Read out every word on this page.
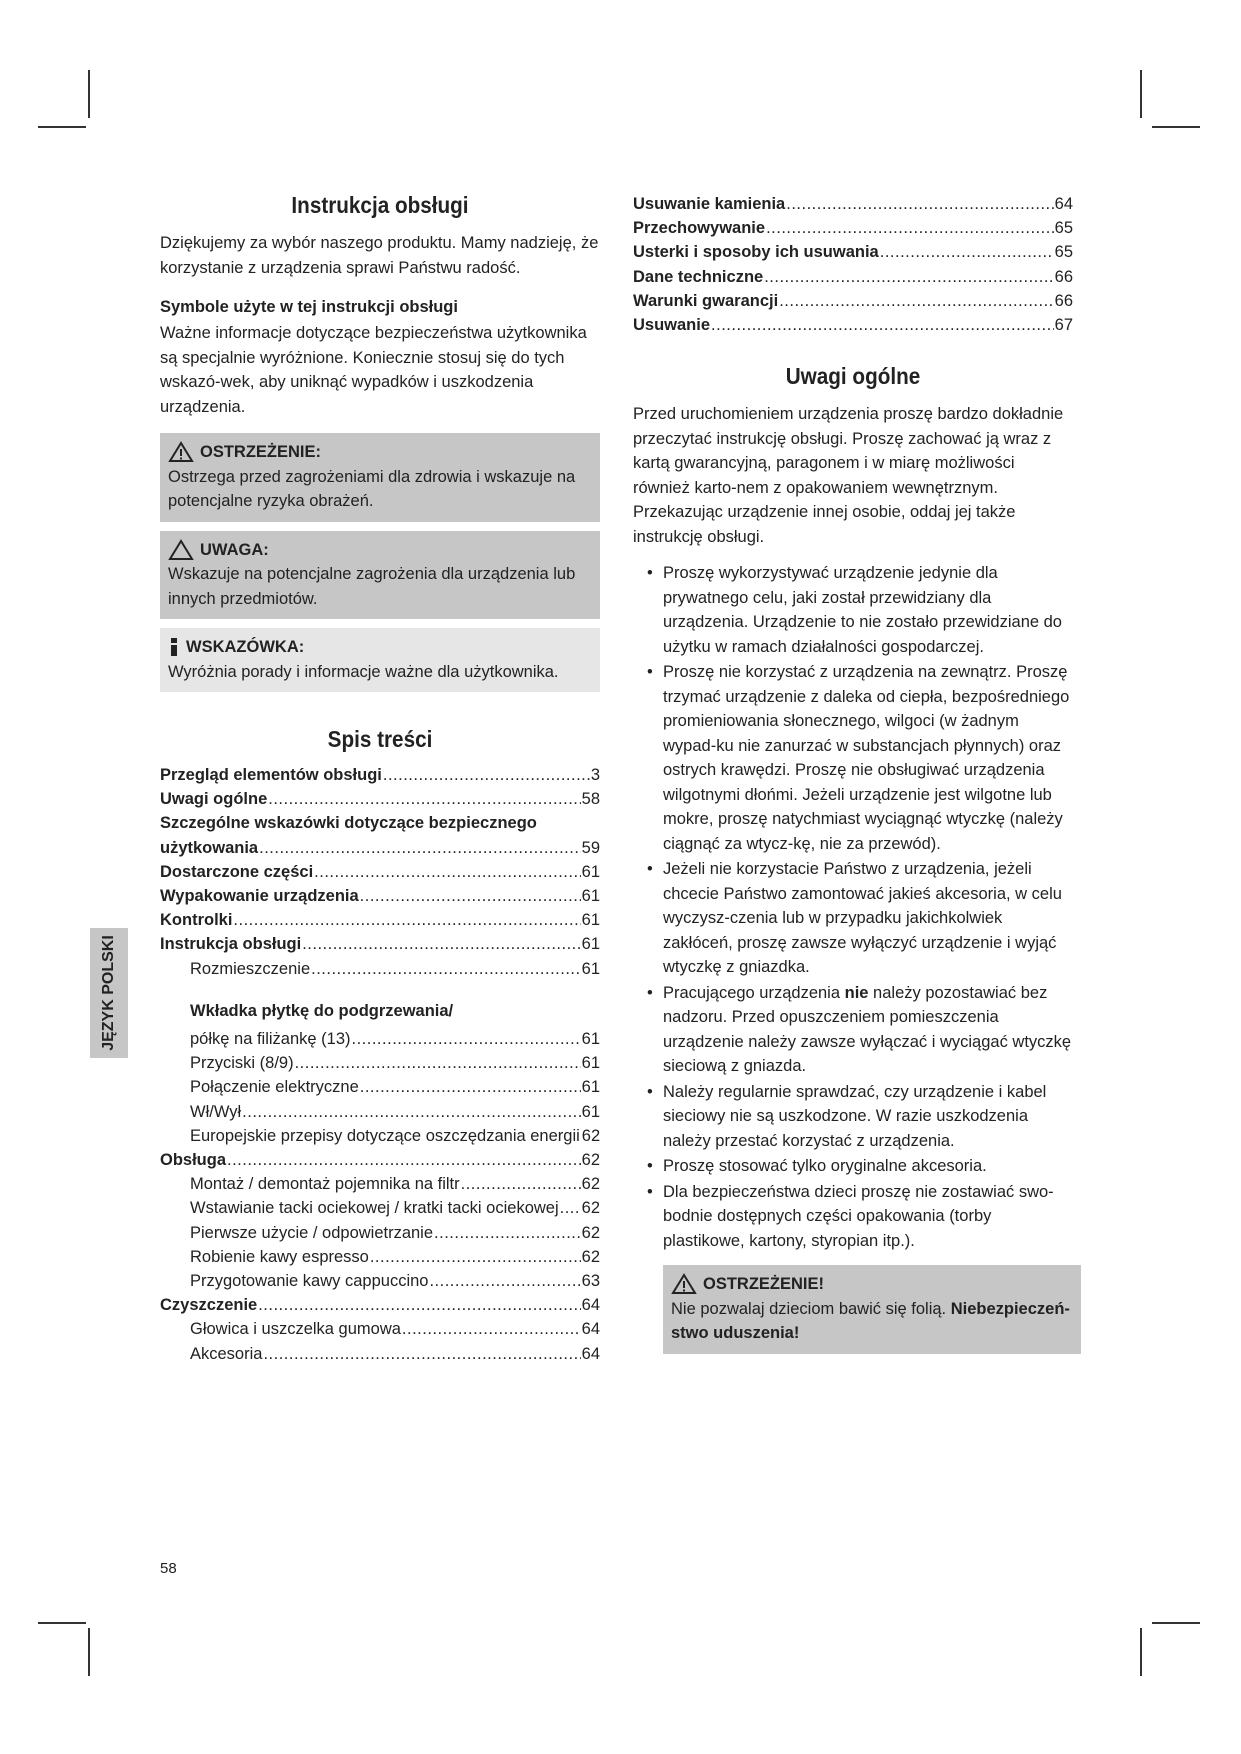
Instrukcja obsługi

Dziękujemy za wybór naszego produktu. Mamy nadzieję, że korzystanie z urządzenia sprawi Państwu radość.

Symbole użyte w tej instrukcji obsługi

Ważne informacje dotyczące bezpieczeństwa użytkownika są specjalnie wyróżnione. Koniecznie stosuj się do tych wskazó-wek, aby uniknąć wypadków i uszkodzenia urządzenia.

OSTRZEŻENIE:
Ostrzega przed zagrożeniami dla zdrowia i wskazuje na potencjalne ryzyka obrażeń.
UWAGA:
Wskazuje na potencjalne zagrożenia dla urządzenia lub innych przedmiotów.
WSKAZÓWKA:
Wyróżnia porady i informacje ważne dla użytkownika.
Spis treści
Przegląd elementów obsługi .....	3
Uwagi ogólne .....	58
Szczególne wskazówki dotyczące bezpiecznego
użytkowania .....	59
Dostarczone części .....	61
Wypakowanie urządzenia .....	61
Kontrolki .....	61
Instrukcja obsługi .....	61
Rozmieszczenie .....	61
Wkładka płytkę do podgrzewania/
półkę na filiżankę (13) .....	61
Przyciski (8/9) .....	61
Połączenie elektryczne .....	61
Wł/Wył .....	61
Europejskie przepisy dotyczące oszczędzania energii 62
Obsługa .....	62
Montaż / demontaż pojemnika na filtr .....	62
Wstawianie tacki ociekowej / kratki tacki ociekowej ..... 62
Pierwsze użycie / odpowietrzanie .....	62
Robienie kawy espresso .....	62
Przygotowanie kawy cappuccino .....	63
Czyszczenie .....	64
Głowica i uszczelka gumowa .....	64
Akcesoria .....	64
Usuwanie kamienia .....	64
Przechowywanie .....	65
Usterki i sposoby ich usuwania .....	65
Dane techniczne .....	66
Warunki gwarancji .....	66
Usuwanie .....	67
Uwagi ogólne

Przed uruchomieniem urządzenia proszę bardzo dokładnie przeczytać instrukcję obsługi. Proszę zachować ją wraz z kartą gwarancyjną, paragonem i w miarę możliwości również karto-nem z opakowaniem wewnętrznym. Przekazując urządzenie innej osobie, oddaj jej także instrukcję obsługi.

• Proszę wykorzystywać urządzenie jedynie dla prywatnego celu, jaki został przewidziany dla urządzenia. Urządzenie to nie zostało przewidziane do użytku w ramach działalności gospodarczej.
• Proszę nie korzystać z urządzenia na zewnątrz. Proszę trzymać urządzenie z daleka od ciepła, bezpośredniego promieniowania słonecznego, wilgoci (w żadnym wypad-ku nie zanurzać w substancjach płynnych) oraz ostrych krawędzi. Proszę nie obsługiwać urządzenia wilgotnymi dłońmi. Jeżeli urządzenie jest wilgotne lub mokre, proszę natychmiast wyciągnąć wtyczkę (należy ciągnąć za wtycz-kę, nie za przewód).
• Jeżeli nie korzystacie Państwo z urządzenia, jeżeli chcecie Państwo zamontować jakieś akcesoria, w celu wyczysz-czenia lub w przypadku jakichkolwiek zakłóceń, proszę zawsze wyłączyć urządzenie i wyjąć wtyczkę z gniazdka.
• Pracującego urządzenia nie należy pozostawiać bez nadzoru. Przed opuszczeniem pomieszczenia urządzenie należy zawsze wyłączać i wyciągać wtyczkę sieciową z gniazda.
• Należy regularnie sprawdzać, czy urządzenie i kabel sieciowy nie są uszkodzone. W razie uszkodzenia należy przestać korzystać z urządzenia.
• Proszę stosować tylko oryginalne akcesoria.
• Dla bezpieczeństwa dzieci proszę nie zostawiać swo-bodnie dostępnych części opakowania (torby plastikowe, kartony, styropian itp.).
OSTRZEŻENIE!
Nie pozwalaj dzieciom bawić się folią. Niebezpieczeń-stwo uduszenia!
JĘZYK POLSKI
58
